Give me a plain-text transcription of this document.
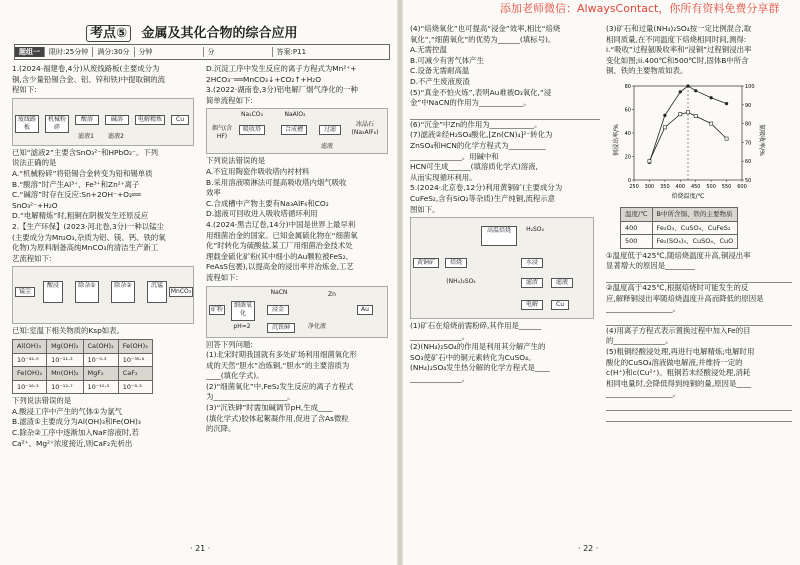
添加老师微信：AlwaysContact，你所有资料免费分享群
考点⑤ 金属及其化合物的综合应用
题组一	限时:25分钟	满分:30分	分钟	分	答案:P11

1.(2024·福建卷,4分)从废线路板(主要成分为

铜,含少量铅锡合金、铝、锌和铁)中提取铜的流

程如下:

废线路板
机械粉碎
酸溶	碱溶	电解精炼	Cu
滤液1	滤液2

已知“滤液2”主要含SnO₃²⁻和HPbO₂⁻。下列

说法正确的是

A.“机械粉碎”将铅锡合金转变为铅和锡单质

B.“酸溶”时产生Al³⁺、Fe³⁺和Zn²⁺离子

C.“碱溶”时存在反应:Sn+2OH⁻+O₂══

SnO₃²⁻+H₂O

D.“电解精炼”时,粗铜在阴极发生还原反应

2.【生产环保】(2023·河北卷,3分)一种以锰尘

(主要成分为Mn₂O₃,杂质为铝、镁、钙、铁的氧

化物)为原料制备高纯MnCO₃的清洁生产新工

艺流程如下:

锰尘
酸浸	除杂①	除杂②	沉锰
MnCO₃

已知:室温下相关物质的Ksp如表。

Al(OH)₃	Mg(OH)₂	Ca(OH)₂	Fe(OH)₃
10⁻³²·⁹	10⁻¹¹·³	10⁻⁵·³	10⁻³⁸·⁶
Fe(OH)₂	Mn(OH)₂	MgF₂	CaF₂
10⁻¹⁶·³	10⁻¹²·⁷	10⁻¹⁰·³	10⁻⁸·³

下列说法错误的是

A.酸浸工序中产生的气体①为氯气

B.滤渣①主要成分为Al(OH)₃和Fe(OH)₃

C.除杂②工序中逐渐加入NaF溶液时,若

Ca²⁺、Mg²⁺浓度接近,则CaF₂先析出

D.沉淀工序中发生反应的离子方程式为Mn²⁺+

2HCO₃⁻══MnCO₃↓+CO₂↑+H₂O

3.(2022·湖南卷,3分)铝电解厂烟气净化的一种

简单流程如下:

烟气(含HF)
吸收塔	合成槽	过滤
冰晶石(Na₃AlF₆)
Na₂CO₃	NaAlO₂
滤液

下列说法错误的是

A.不宜用陶瓷作吸收塔内衬材料

B.采用溶液喷淋法可提高吸收塔内烟气吸收

效率

C.合成槽中产物主要有Na₃AlF₆和CO₂

D.滤液可回收进入吸收塔循环利用

4.(2024·黑吉辽卷,14分)中国是世界上最早利

用细菌冶金的国家。已知金属硫化物在“细菌氧

化”时转化为硫酸盐,某工厂用细菌冶金技术处

理载金硫化矿粉(其中细小的Au颗粒被FeS₂、

FeAsS包裹),以提高金的浸出率并冶炼金,工艺

流程如下:

矿粉
细菌氧化
浸金
沉铁砷	净化液
NaCN	Zn
Au
pH=2

回答下列问题:

(1)北宋时期我国就有多处矿场利用细菌氧化形

成的天然“胆水”冶炼铜,“胆水”的主要溶质为

____(填化学式)。

(2)“细菌氧化”中,FeS₂发生反应的离子方程式

为____________________。

(3)“沉铁砷”时需加碱调节pH,生成____

(填化学式)胶体起絮凝作用,促进了含As微粒

的沉降。

(4)“焙烧氧化”也可提高“浸金”效率,相比“焙烧

氧化”,“细菌氧化”的优势为______(填标号)。

A.无需控温

B.可减少有害气体产生

C.设备无需耐高温

D.不产生废液废渣

(5)“真金不怕火炼”,表明Au难被O₂氧化,“浸

金”中NaCN的作用为____________。

(6)“沉金”中Zn的作用为____________。

(7)滤液②经H₂SO₄酸化,[Zn(CN)₄]²⁻转化为

ZnSO₄和HCN的化学方程式为__________

______________。用碱中和

HCN可生成______(填溶质化学式)溶液,

从而实现循环利用。

5.(2024·北京卷,12分)利用黄铜矿(主要成分为

CuFeS₂,含有SiO₂等杂质)生产纯铜,流程示意

图如下。

黄铜矿	焙烧
高温焙烧
水浸
滤渣	滤液
电解	Cu
(NH₄)₂SO₄
H₂SO₄

(1)矿石在焙烧前需粉碎,其作用是______

______________。

(2)(NH₄)₂SO₄的作用是利用其分解产生的

SO₃使矿石中的铜元素转化为CuSO₄。

(NH₄)₂SO₄发生热分解的化学方程式是____

______________。

(3)矿石和过量(NH₄)₂SO₄按一定比例混合,取

相同质量,在不同温度下焙烧相同时间,测得:

i.“吸收”过程氨吸收率和“浸铜”过程铜浸出率

变化如图;ii.400℃和500℃时,固体B中所含

铜、铁的主要物质如表。

温度/℃	B中所含铜、铁的主要物质
400	Fe₂O₃、CuSO₄、CuFeS₂
500	Fe₂(SO₄)₃、CuSO₄、CuO

①温度低于425℃,随焙烧温度升高,铜浸出率

显著增大的原因是________

②温度高于425℃,根据焙烧时可能发生的反

应,解释铜浸出率随焙烧温度升高而降低的原因是

__________________。

(4)用离子方程式表示置换过程中加入Fe的目

的______________。

(5)粗铜经酸浸处理,再进行电解精炼;电解时用

酸化的CuSO₄溶液做电解液,并维持一定的

c(H⁺)和c(Cu²⁺)。粗铜若未经酸浸处理,消耗

相同电量时,会降低得到纯铜的量,原因是____

__________________。

铜浸出率/%	氨吸收率/%
焙烧温度/℃
250 300 350 400 450 500 550 600
0
20
40
60
80
50
60
70
80
90
100
· 21 ·	· 22 ·
